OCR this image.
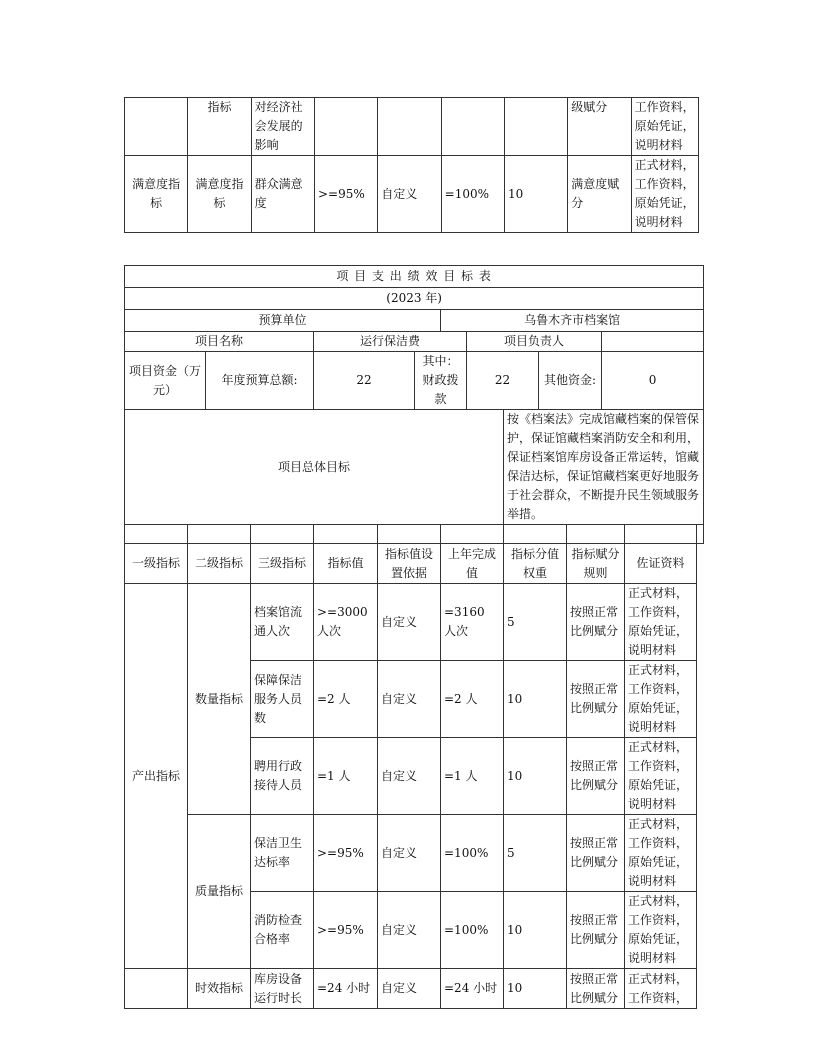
	指标	对经济社会发展的影响					级赋分	工作资料，原始凭证，说明材料
满意度指标	满意度指标	群众满意度	>=95%	自定义	=100%	10	满意度赋分	正式材料，工作资料，原始凭证，说明材料
项 目 支 出 绩 效 目 标 表														
(2023 年)														
预算单位							乌鲁木齐市档案馆							
项目名称				运行保洁费				项目负责人						
项目资金（万元）		年度预算总额:		22		其中：财政拨款		22		其他资金:		0		
项目总体目标									按《档案法》完成馆藏档案的保管保护，保证馆藏档案消防安全和利用，保证档案馆库房设备正常运转，馆藏保洁达标，保证馆藏档案更好地服务于社会群众，不断提升民生领域服务举措。					

一级指标	二级指标		三级指标	指标值	指标值设置依据		上年完成值		指标分值权重		指标赋分规则		佐证资料	
产出指标	数量指标		档案馆流通人次	>=3000 人次	自定义		=3160 人次		5		按照正常比例赋分		正式材料，工作资料，原始凭证，说明材料	
			保障保洁服务人员数	=2 人	自定义		=2 人		10		按照正常比例赋分		正式材料，工作资料，原始凭证，说明材料	
			聘用行政接待人员	=1 人	自定义		=1 人		10		按照正常比例赋分		正式材料，工作资料，原始凭证，说明材料	
	质量指标		保洁卫生达标率	>=95%	自定义		=100%		5		按照正常比例赋分		正式材料，工作资料，原始凭证，说明材料	
			消防检查合格率	>=95%	自定义		=100%		10		按照正常比例赋分		正式材料，工作资料，原始凭证，说明材料	
	时效指标		库房设备运行时长	=24 小时	自定义		=24 小时		10		按照正常比例赋分		正式材料，工作资料，	
